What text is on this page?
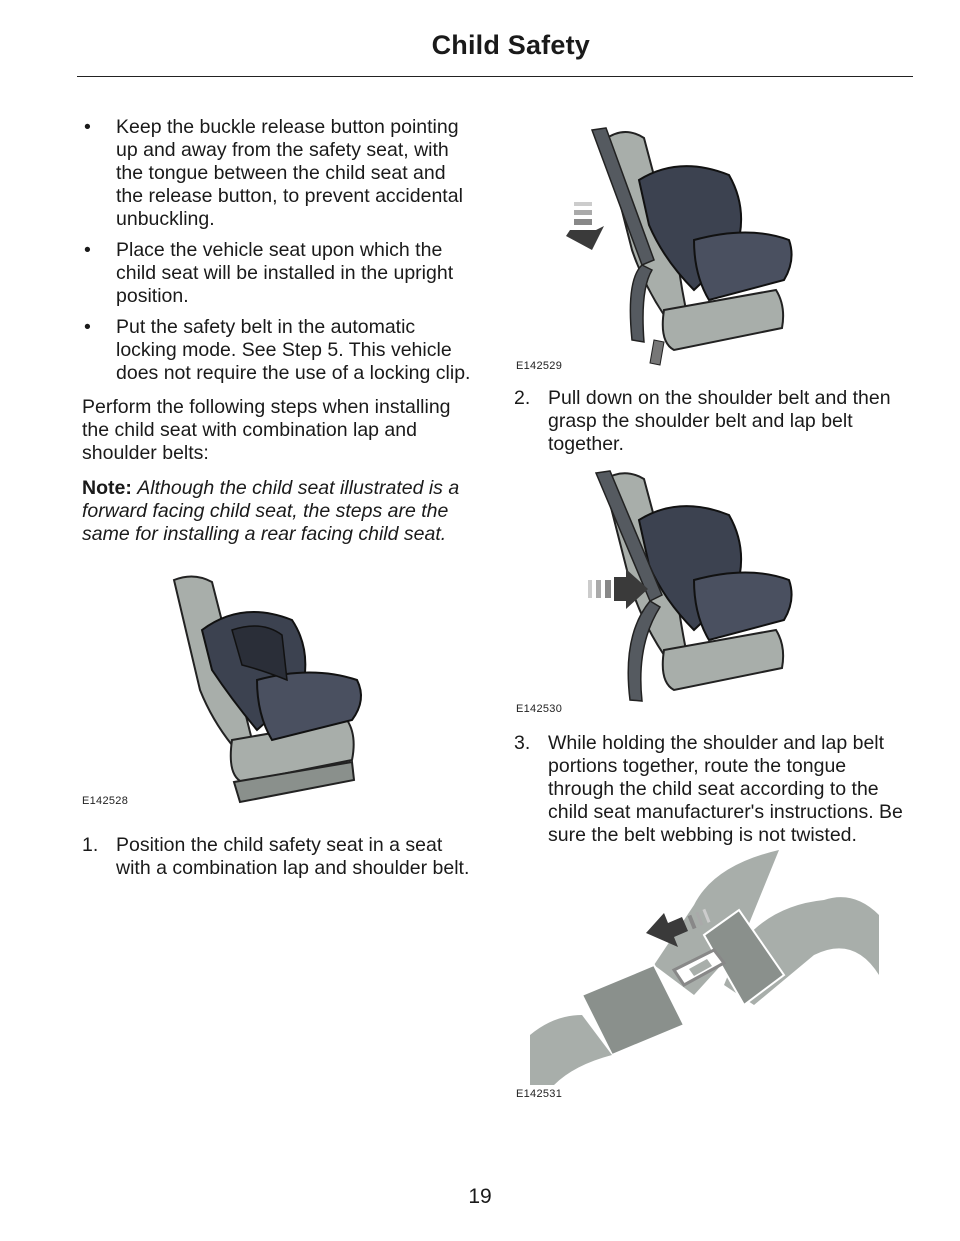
Child Safety
• Keep the buckle release button pointing up and away from the safety seat, with the tongue between the child seat and the release button, to prevent accidental unbuckling.
• Place the vehicle seat upon which the child seat will be installed in the upright position.
• Put the safety belt in the automatic locking mode. See Step 5. This vehicle does not require the use of a locking clip.

Perform the following steps when installing the child seat with combination lap and shoulder belts:

Note: Although the child seat illustrated is a forward facing child seat, the steps are the same for installing a rear facing child seat.

E142528

1. Position the child safety seat in a seat with a combination lap and shoulder belt.

E142529

2. Pull down on the shoulder belt and then grasp the shoulder belt and lap belt together.

E142530

3. While holding the shoulder and lap belt portions together, route the tongue through the child seat according to the child seat manufacturer's instructions. Be sure the belt webbing is not twisted.

E142531
19
